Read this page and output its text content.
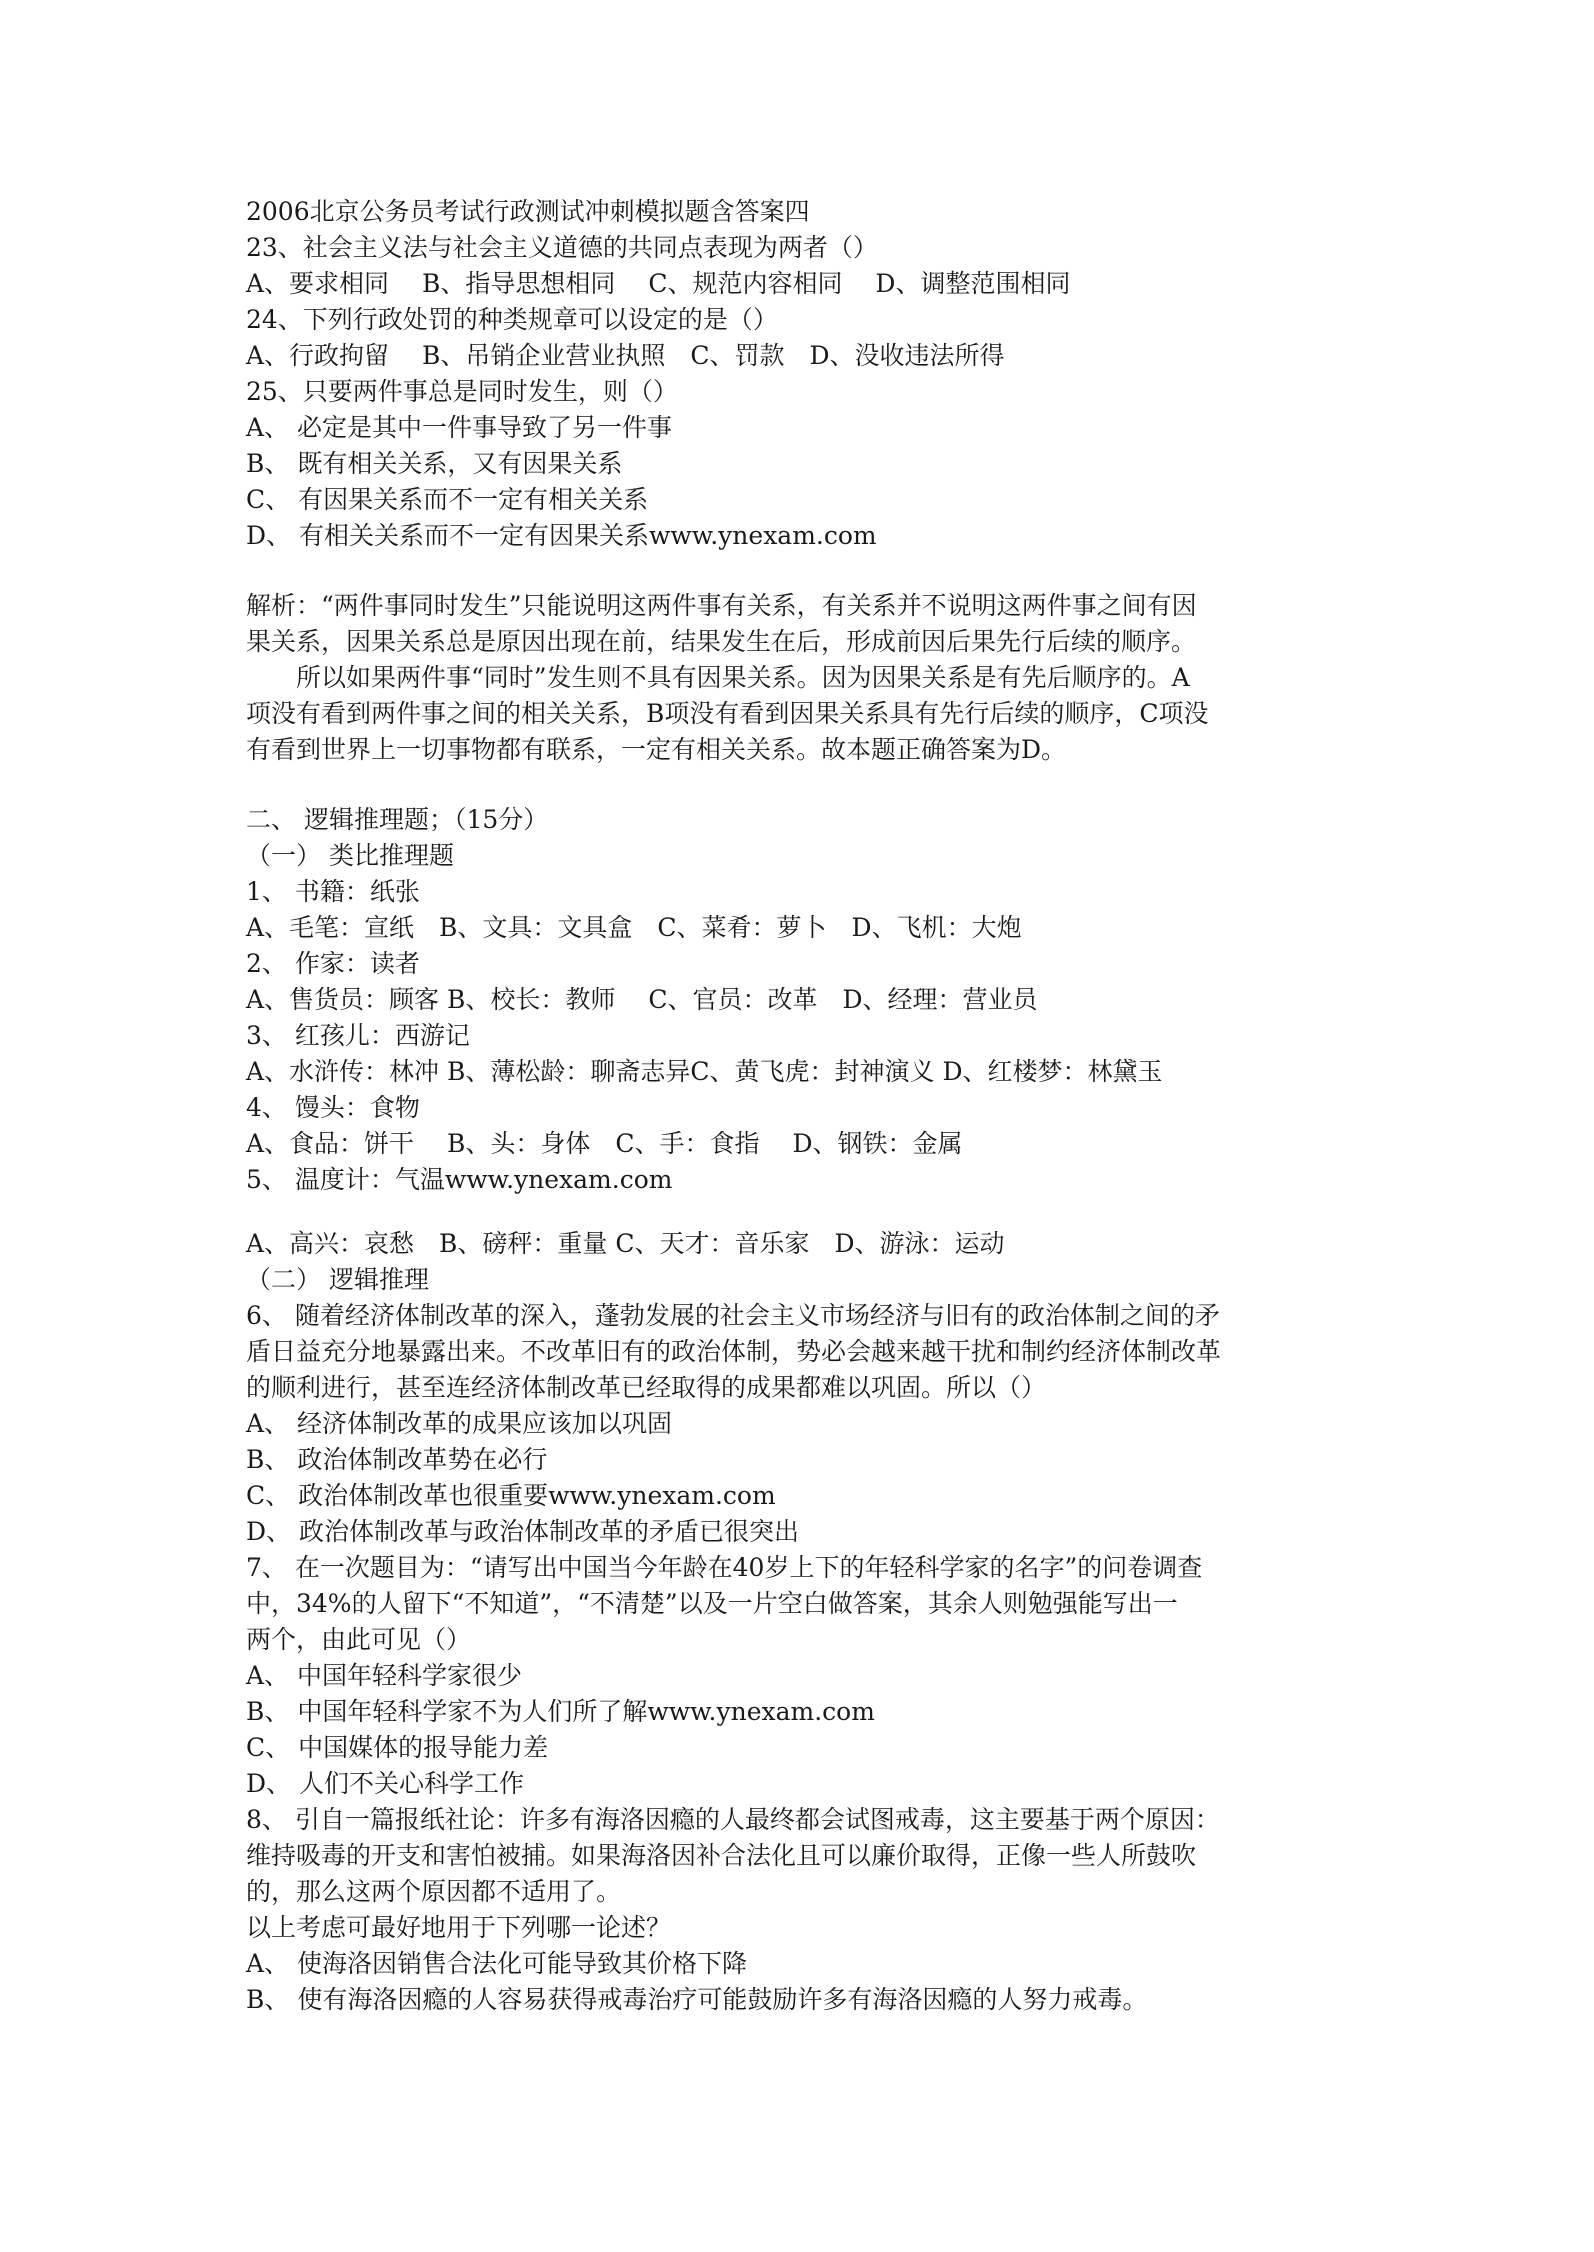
2006北京公务员考试行政测试冲刺模拟题含答案四
23、社会主义法与社会主义道德的共同点表现为两者（）
A、要求相同　 B、指导思想相同　 C、规范内容相同　 D、调整范围相同
24、下列行政处罚的种类规章可以设定的是（）
A、行政拘留　 B、吊销企业营业执照　C、罚款　D、没收违法所得
25、只要两件事总是同时发生，则（）
A、 必定是其中一件事导致了另一件事
B、 既有相关关系，又有因果关系
C、 有因果关系而不一定有相关关系
D、 有相关关系而不一定有因果关系www.ynexam.com
解析：“两件事同时发生”只能说明这两件事有关系，有关系并不说明这两件事之间有因
果关系，因果关系总是原因出现在前，结果发生在后，形成前因后果先行后续的顺序。
　　所以如果两件事“同时”发生则不具有因果关系。因为因果关系是有先后顺序的。A
项没有看到两件事之间的相关关系，B项没有看到因果关系具有先行后续的顺序，C项没
有看到世界上一切事物都有联系，一定有相关关系。故本题正确答案为D。
二、 逻辑推理题；（15分）
（一） 类比推理题
1、 书籍：纸张
A、毛笔：宣纸　B、文具：文具盒　C、菜肴：萝卜　D、飞机：大炮
2、 作家：读者
A、售货员：顾客 B、校长：教师　 C、官员：改革　D、经理：营业员
3、 红孩儿：西游记
A、水浒传：林冲 B、薄松龄：聊斋志异C、黄飞虎：封神演义 D、红楼梦：林黛玉
4、 馒头：食物
A、食品：饼干　 B、头：身体　C、手：食指　 D、钢铁：金属
5、 温度计：气温www.ynexam.com
A、高兴：哀愁　B、磅秤：重量 C、天才：音乐家　D、游泳：运动
（二） 逻辑推理
6、 随着经济体制改革的深入，蓬勃发展的社会主义市场经济与旧有的政治体制之间的矛
盾日益充分地暴露出来。不改革旧有的政治体制，势必会越来越干扰和制约经济体制改革
的顺利进行，甚至连经济体制改革已经取得的成果都难以巩固。所以（）
A、 经济体制改革的成果应该加以巩固
B、 政治体制改革势在必行
C、 政治体制改革也很重要www.ynexam.com
D、 政治体制改革与政治体制改革的矛盾已很突出
7、 在一次题目为：“请写出中国当今年龄在40岁上下的年轻科学家的名字”的问卷调查
中，34%的人留下“不知道”，“不清楚”以及一片空白做答案，其余人则勉强能写出一
两个，由此可见（）
A、 中国年轻科学家很少
B、 中国年轻科学家不为人们所了解www.ynexam.com
C、 中国媒体的报导能力差
D、 人们不关心科学工作
8、 引自一篇报纸社论：许多有海洛因瘾的人最终都会试图戒毒，这主要基于两个原因：
维持吸毒的开支和害怕被捕。如果海洛因补合法化且可以廉价取得，正像一些人所鼓吹
的，那么这两个原因都不适用了。
以上考虑可最好地用于下列哪一论述？
A、 使海洛因销售合法化可能导致其价格下降
B、 使有海洛因瘾的人容易获得戒毒治疗可能鼓励许多有海洛因瘾的人努力戒毒。
